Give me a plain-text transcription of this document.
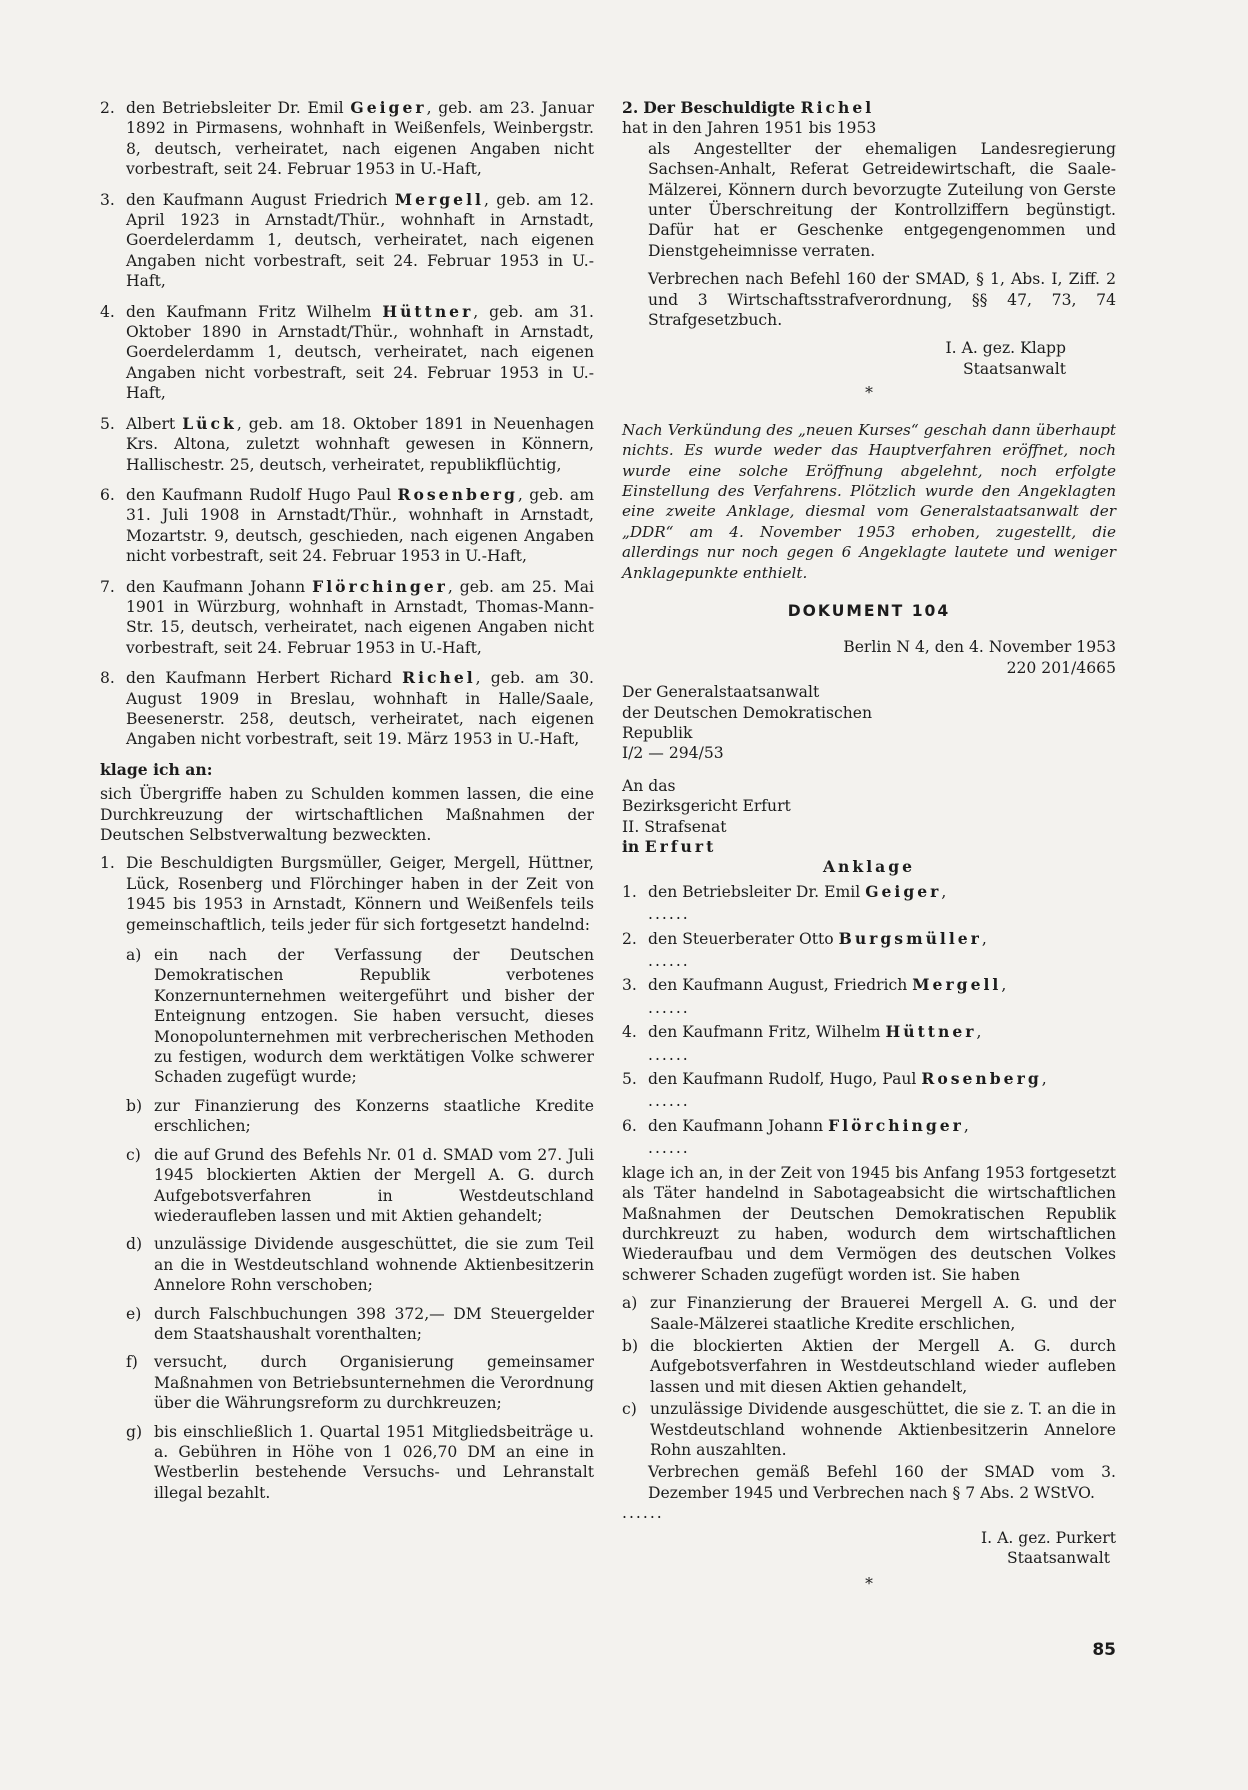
2. den Betriebsleiter Dr. Emil Geiger, geb. am 23. Januar 1892 in Pirmasens, wohnhaft in Weißenfels, Weinbergstr. 8, deutsch, verheiratet, nach eigenen Angaben nicht vorbestraft, seit 24. Februar 1953 in U.-Haft,
3. den Kaufmann August Friedrich Mergell, geb. am 12. April 1923 in Arnstadt/Thür., wohnhaft in Arnstadt, Goerdelerdamm 1, deutsch, verheiratet, nach eigenen Angaben nicht vorbestraft, seit 24. Februar 1953 in U.-Haft,
4. den Kaufmann Fritz Wilhelm Hüttner, geb. am 31. Oktober 1890 in Arnstadt/Thür., wohnhaft in Arnstadt, Goerdelerdamm 1, deutsch, verheiratet, nach eigenen Angaben nicht vorbestraft, seit 24. Februar 1953 in U.-Haft,
5. Albert Lück, geb. am 18. Oktober 1891 in Neuenhagen Krs. Altona, zuletzt wohnhaft gewesen in Könnern, Hallischestr. 25, deutsch, verheiratet, republikflüchtig,
6. den Kaufmann Rudolf Hugo Paul Rosenberg, geb. am 31. Juli 1908 in Arnstadt/Thür., wohnhaft in Arnstadt, Mozartstr. 9, deutsch, geschieden, nach eigenen Angaben nicht vorbestraft, seit 24. Februar 1953 in U.-Haft,
7. den Kaufmann Johann Flörchinger, geb. am 25. Mai 1901 in Würzburg, wohnhaft in Arnstadt, Thomas-Mann-Str. 15, deutsch, verheiratet, nach eigenen Angaben nicht vorbestraft, seit 24. Februar 1953 in U.-Haft,
8. den Kaufmann Herbert Richard Richel, geb. am 30. August 1909 in Breslau, wohnhaft in Halle/Saale, Beesenerstr. 258, deutsch, verheiratet, nach eigenen Angaben nicht vorbestraft, seit 19. März 1953 in U.-Haft,
klage ich an:
sich Übergriffe haben zu Schulden kommen lassen, die eine Durchkreuzung der wirtschaftlichen Maßnahmen der Deutschen Selbstverwaltung bezweckten.
1. Die Beschuldigten Burgsmüller, Geiger, Mergell, Hüttner, Lück, Rosenberg und Flörchinger haben in der Zeit von 1945 bis 1953 in Arnstadt, Könnern und Weißenfels teils gemeinschaftlich, teils jeder für sich fortgesetzt handelnd:
a) ein nach der Verfassung der Deutschen Demokratischen Republik verbotenes Konzernunternehmen weitergeführt und bisher der Enteignung entzogen. Sie haben versucht, dieses Monopolunternehmen mit verbrecherischen Methoden zu festigen, wodurch dem werktätigen Volke schwerer Schaden zugefügt wurde;
b) zur Finanzierung des Konzerns staatliche Kredite erschlichen;
c) die auf Grund des Befehls Nr. 01 d. SMAD vom 27. Juli 1945 blockierten Aktien der Mergell A. G. durch Aufgebotsverfahren in Westdeutschland wiederaufleben lassen und mit Aktien gehandelt;
d) unzulässige Dividende ausgeschüttet, die sie zum Teil an die in Westdeutschland wohnende Aktienbesitzerin Annelore Rohn verschoben;
e) durch Falschbuchungen 398 372,— DM Steuergelder dem Staatshaushalt vorenthalten;
f)	versucht, durch Organisierung gemeinsamer Maßnahmen von Betriebsunternehmen die Verordnung über die Währungsreform zu durchkreuzen;
g) bis einschließlich 1. Quartal 1951 Mitgliedsbeiträge u. a. Gebühren in Höhe von 1 026,70 DM an eine in Westberlin bestehende Versuchs- und Lehranstalt illegal bezahlt.
2. Der Beschuldigte Richel
hat in den Jahren 1951 bis 1953
als Angestellter der ehemaligen Landesregierung Sachsen-Anhalt, Referat Getreidewirtschaft, die Saale-Mälzerei, Könnern durch bevorzugte Zuteilung von Gerste unter Überschreitung der Kontrollziffern begünstigt. Dafür hat er Geschenke entgegengenommen und Dienstgeheimnisse verraten.
Verbrechen nach Befehl 160 der SMAD, § 1, Abs. I, Ziff. 2 und 3 Wirtschaftsstrafverordnung, §§ 47, 73, 74 Strafgesetzbuch.
I. A. gez. Klapp
Staatsanwalt
*
Nach Verkündung des „neuen Kurses“ geschah dann überhaupt nichts. Es wurde weder das Hauptverfahren eröffnet, noch wurde eine solche Eröffnung abgelehnt, noch erfolgte Einstellung des Verfahrens. Plötzlich wurde den Angeklagten eine zweite Anklage, diesmal vom Generalstaatsanwalt der „DDR“ am 4. November 1953 erhoben, zugestellt, die allerdings nur noch gegen 6 Angeklagte lautete und weniger Anklagepunkte enthielt.
DOKUMENT 104
Berlin N 4, den 4. November 1953
220 201/4665
Der Generalstaatsanwalt
der Deutschen Demokratischen
Republik
I/2 — 294/53
An das
Bezirksgericht Erfurt
II. Strafsenat
in Erfurt
Anklage
1. den Betriebsleiter Dr. Emil Geiger,
......
2. den Steuerberater Otto Burgsmüller,
......
3. den Kaufmann August, Friedrich Mergell,
......
4. den Kaufmann Fritz, Wilhelm Hüttner,
......
5. den Kaufmann Rudolf, Hugo, Paul Rosenberg,
......
6. den Kaufmann Johann Flörchinger,
......
klage ich an, in der Zeit von 1945 bis Anfang 1953 fortgesetzt als Täter handelnd in Sabotageabsicht die wirtschaftlichen Maßnahmen der Deutschen Demokratischen Republik durchkreuzt zu haben, wodurch dem wirtschaftlichen Wiederaufbau und dem Vermögen des deutschen Volkes schwerer Schaden zugefügt worden ist. Sie haben
a) zur Finanzierung der Brauerei Mergell A. G. und der Saale-Mälzerei staatliche Kredite erschlichen,
b) die blockierten Aktien der Mergell A. G. durch Aufgebotsverfahren in Westdeutschland wieder aufleben lassen und mit diesen Aktien gehandelt,
c) unzulässige Dividende ausgeschüttet, die sie z. T. an die in Westdeutschland wohnende Aktienbesitzerin Annelore Rohn auszahlten.
Verbrechen gemäß Befehl 160 der SMAD vom 3. Dezember 1945 und Verbrechen nach § 7 Abs. 2 WStVO.
......
I. A. gez. Purkert
Staatsanwalt
*
85
